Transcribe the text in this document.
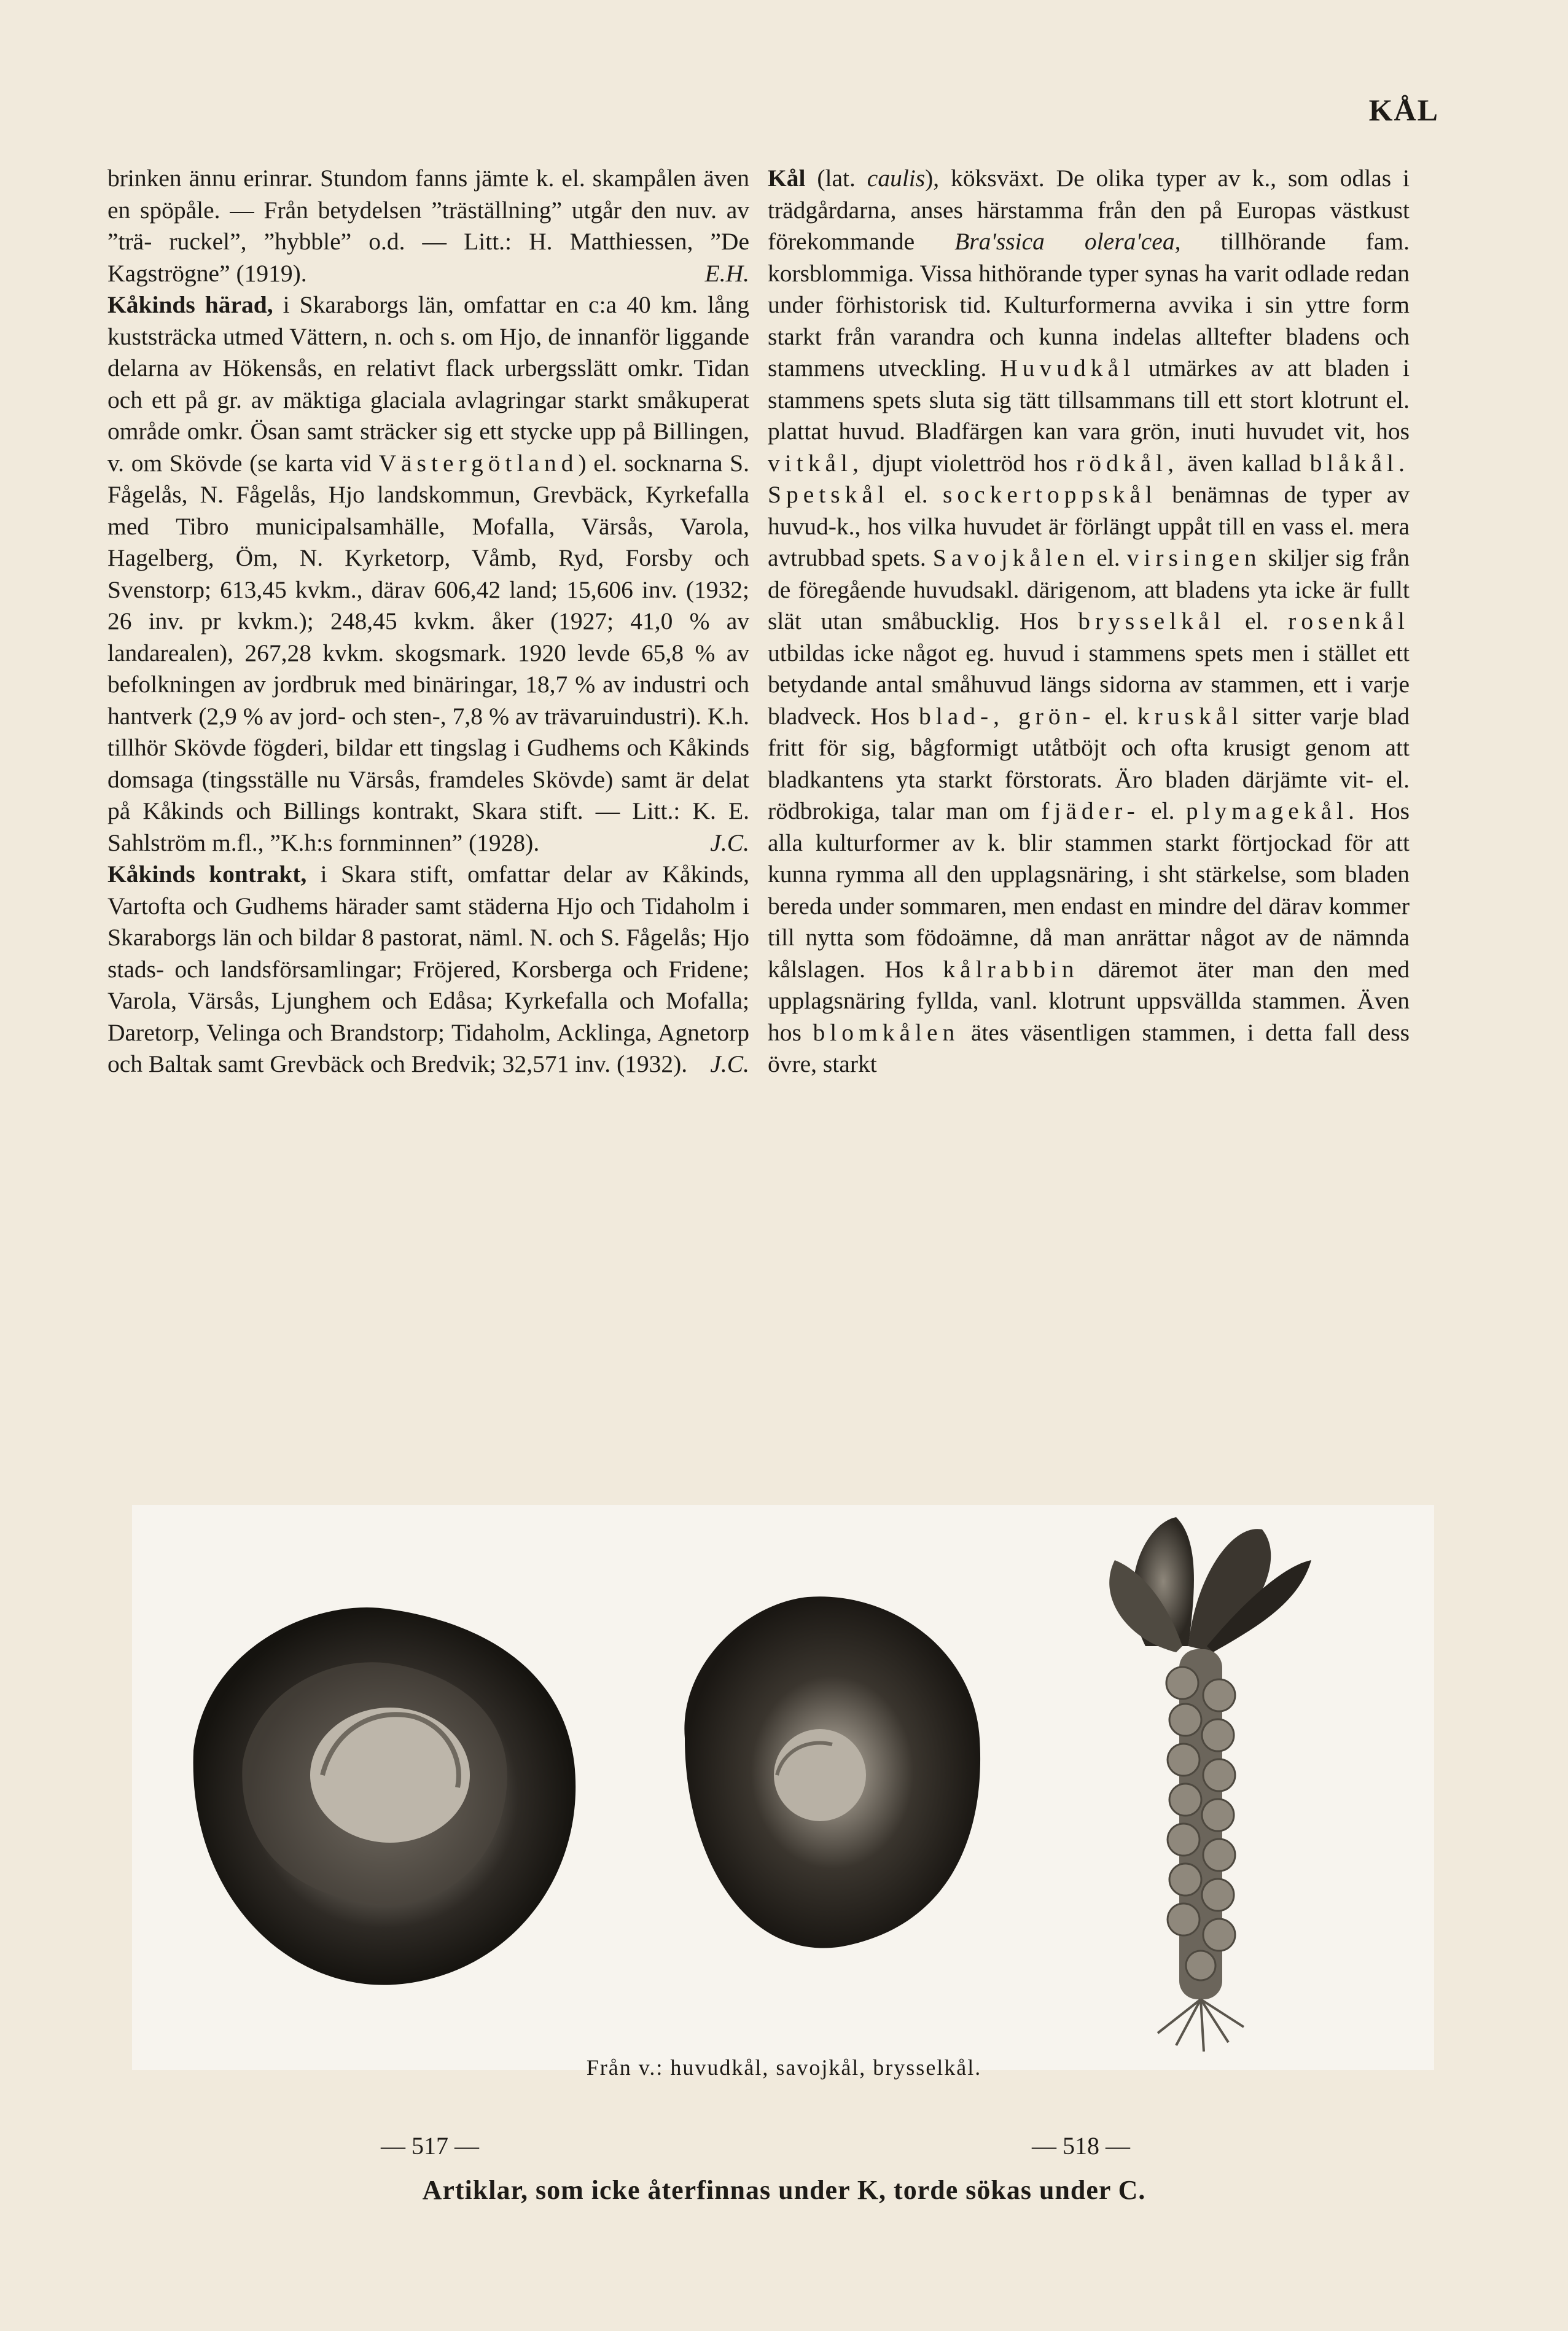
KÅL

brinken ännu erinrar. Stundom fanns jämte k. el. skampålen även en spöpåle. — Från betydelsen ”träställning” utgår den nuv. av ”trä- ruckel”, ”hybble” o.d. — Litt.: H. Matthiessen, ”De Kagströgne” (1919).	E.H.

Kåkinds härad, i Skaraborgs län, omfattar en c:a 40 km. lång kuststräcka utmed Vättern, n. och s. om Hjo, de innanför liggande delarna av Hökensås, en relativt flack urbergsslätt omkr. Tidan och ett på gr. av mäktiga glaciala avlagringar starkt småkuperat område omkr. Ösan samt sträcker sig ett stycke upp på Billingen, v. om Skövde (se karta vid Västergötland) el. socknarna S. Fågelås, N. Fågelås, Hjo landskommun, Grevbäck, Kyrkefalla med Tibro municipalsamhälle, Mofalla, Värsås, Varola, Hagelberg, Öm, N. Kyrketorp, Våmb, Ryd, Forsby och Svenstorp; 613,45 kvkm., därav 606,42 land; 15,606 inv. (1932; 26 inv. pr kvkm.); 248,45 kvkm. åker (1927; 41,0 % av landarealen), 267,28 kvkm. skogsmark. 1920 levde 65,8 % av befolkningen av jordbruk med binäringar, 18,7 % av industri och hantverk (2,9 % av jord- och sten-, 7,8 % av trävaruindustri). K.h. tillhör Skövde fögderi, bildar ett tingslag i Gudhems och Kåkinds domsaga (tingsställe nu Värsås, framdeles Skövde) samt är delat på Kåkinds och Billings kontrakt, Skara stift. — Litt.: K. E. Sahlström m.fl., ”K.h:s fornminnen” (1928).	J.C.

Kåkinds kontrakt, i Skara stift, omfattar delar av Kåkinds, Vartofta och Gudhems härader samt städerna Hjo och Tidaholm i Skaraborgs län och bildar 8 pastorat, näml. N. och S. Fågelås; Hjo stads- och landsförsamlingar; Fröjered, Korsberga och Fridene; Varola, Värsås, Ljunghem och Edåsa; Kyrkefalla och Mofalla; Daretorp, Velinga och Brandstorp; Tidaholm, Acklinga, Agnetorp och Baltak samt Grevbäck och Bredvik; 32,571 inv. (1932). J.C.

Kål (lat. caulis), köksväxt. De olika typer av k., som odlas i trädgårdarna, anses härstamma från den på Europas västkust förekommande Bra'ssica olera'cea, tillhörande fam. korsblommiga. Vissa hithörande typer synas ha varit odlade redan under förhistorisk tid. Kulturformerna avvika i sin yttre form starkt från varandra och kunna indelas alltefter bladens och stammens utveckling. Huvudkål utmärkes av att bladen i stammens spets sluta sig tätt tillsammans till ett stort klotrunt el. plattat huvud. Bladfärgen kan vara grön, inuti huvudet vit, hos vitkål, djupt violettröd hos rödkål, även kallad blåkål. Spetskål el. sockertoppskål benämnas de typer av huvud-k., hos vilka huvudet är förlängt uppåt till en vass el. mera avtrubbad spets. Savojkålen el. virsingen skiljer sig från de föregående huvudsakl. därigenom, att bladens yta icke är fullt slät utan småbucklig. Hos brysselkål el. rosenkål utbildas icke något eg. huvud i stammens spets men i stället ett betydande antal småhuvud längs sidorna av stammen, ett i varje bladveck. Hos blad-, grön- el. kruskål sitter varje blad fritt för sig, bågformigt utåtböjt och ofta krusigt genom att bladkantens yta starkt förstorats. Äro bladen därjämte vit- el. rödbrokiga, talar man om fjäder- el. plymagekål. Hos alla kulturformer av k. blir stammen starkt förtjockad för att kunna rymma all den upplagsnäring, i sht stärkelse, som bladen bereda under sommaren, men endast en mindre del därav kommer till nytta som födoämne, då man anrättar något av de nämnda kålslagen. Hos kålrabbin däremot äter man den med upplagsnäring fyllda, vanl. klotrunt uppsvällda stammen. Även hos blomkålen ätes väsentligen stammen, i detta fall dess övre, starkt

Från v.: huvudkål, savojkål, brysselkål.
— 517 —	— 518 —
Artiklar, som icke återfinnas under K, torde sökas under C.
